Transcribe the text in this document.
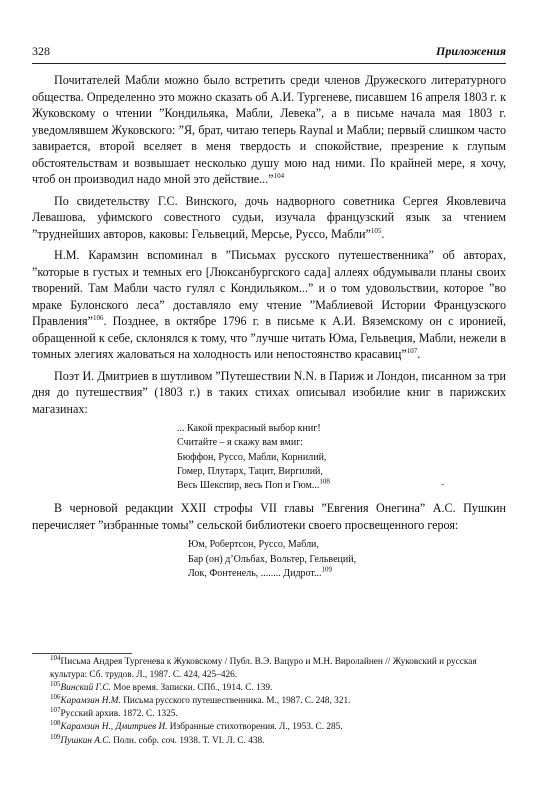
328	Приложения

Почитателей Мабли можно было встретить среди членов Дружеского литературного общества. Определенно это можно сказать об А.И. Тургеневе, писавшем 16 апреля 1803 г. к Жуковскому о чтении ”Кондильяка, Мабли, Левека”, а в письме начала мая 1803 г. уведомлявшем Жуковского: ”Я, брат, читаю теперь Raynal и Мабли; первый слишком часто завирается, второй вселяет в меня твердость и спокойствие, презрение к глупым обстоятельствам и возвышает несколько душу мою над ними. По крайней мере, я хочу, чтоб он производил надо мной это действие...”$^{104}$

По свидетельству Г.С. Винского, дочь надворного советника Сергея Яковлевича Левашова, уфимского совестного судьи, изучала французский язык за чтением ”труднейших авторов, каковы: Гельвеций, Мерсье, Руссо, Мабли”$^{105}$.

Н.М. Карамзин вспоминал в ”Письмах русского путешественника” об авторах, ”которые в густых и темных его [Люксанбургского сада] аллеях обдумывали планы своих творений. Там Мабли часто гулял с Кондильяком...” и о том удовольствии, которое ”во мраке Булонского леса” доставляло ему чтение ”Маблиевой Истории Французского Правления”$^{106}$. Позднее, в октябре 1796 г. в письме к А.И. Вяземскому он с иронией, обращенной к себе, склонялся к тому, что ”лучше читать Юма, Гельвеция, Мабли, нежели в томных элегиях жаловаться на холодность или непостоянство красавиц”$^{107}$.

Поэт И. Дмитриев в шутливом ”Путешествии N.N. в Париж и Лондон, писанном за три дня до путешествия” (1803 г.) в таких стихах описывал изобилие книг в парижских магазинах:

... Какой прекрасный выбор книг!
Считайте – я скажу вам вмиг:
Бюффон, Руссо, Мабли, Корнилий,
Гомер, Плутарх, Тацит, Виргилий,
Весь Шекспир, весь Поп и Гюм...$^{108}$

В черновой редакции XXII строфы VII главы ”Евгения Онегина” А.С. Пушкин перечисляет ”избранные томы” сельской библиотеки своего просвещенного героя:

Юм, Робертсон, Руссо, Мабли,
Бар (он) д’Ольбах, Вольтер, Гельвеций,
Лок, Фонтенель, ........ Дидрот...$^{109}$

$^{104}$Письма Андрея Тургенева к Жуковскому / Публ. В.Э. Вацуро и М.Н. Виролайнен // Жуковский и русская культура: Сб. трудов. Л., 1987. С. 424, 425–426.

$^{105}$Винский Г.С. Мое время. Записки. СПб., 1914. С. 139.

$^{106}$Карамзин Н.М. Письма русского путешественника. М., 1987. С. 248, 321.

$^{107}$Русский архив. 1872. С. 1325.

$^{108}$Карамзин Н., Дмитриев И. Избранные стихотворения. Л., 1953. С. 285.

$^{109}$Пушкин А.С. Полн. собр. соч. 1938. Т. VI. Л. С. 438.
